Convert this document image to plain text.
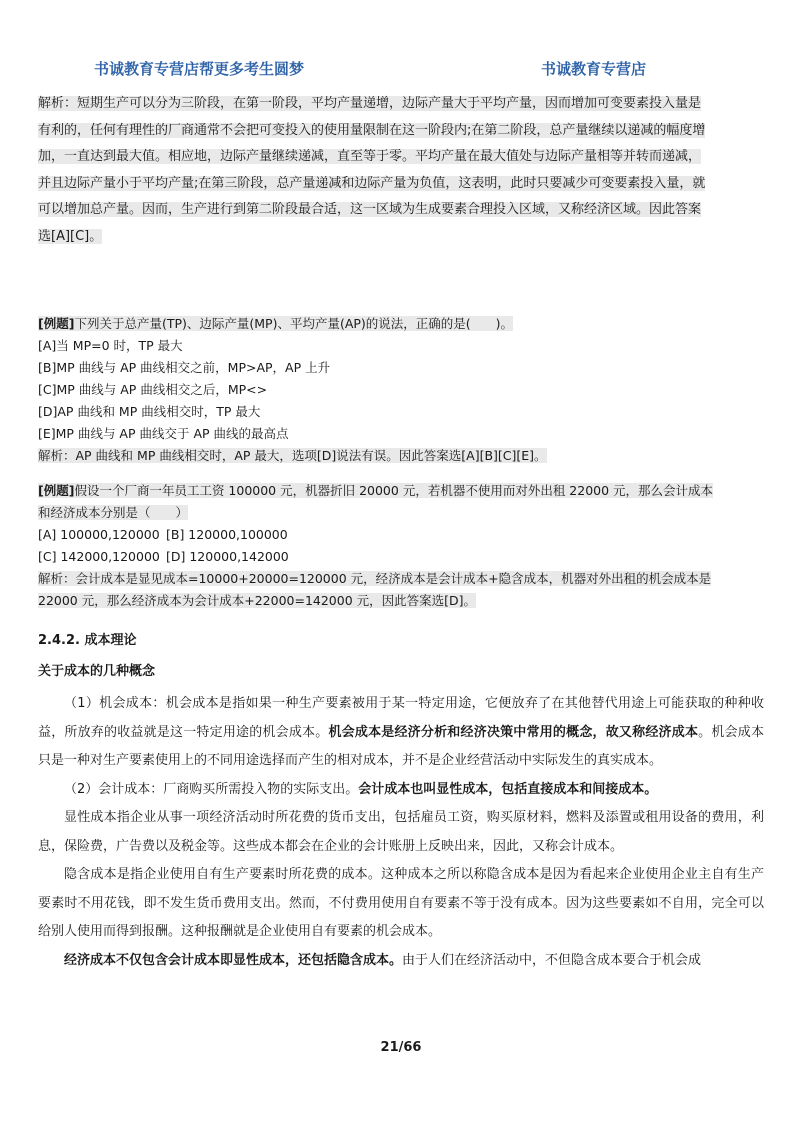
书诚教育专营店帮更多考生圆梦	书诚教育专营店

解析：短期生产可以分为三阶段，在第一阶段，平均产量递增，边际产量大于平均产量，因而增加可变要素投入量是
有利的，任何有理性的厂商通常不会把可变投入的使用量限制在这一阶段内;在第二阶段，总产量继续以递减的幅度增
加，一直达到最大值。相应地，边际产量继续递减，直至等于零。平均产量在最大值处与边际产量相等并转而递减，
并且边际产量小于平均产量;在第三阶段，总产量递减和边际产量为负值，这表明，此时只要减少可变要素投入量，就
可以增加总产量。因而，生产进行到第二阶段最合适，这一区域为生成要素合理投入区域，又称经济区域。因此答案
选[A][C]。

[例题]下列关于总产量(TP)、边际产量(MP)、平均产量(AP)的说法，正确的是(　　)。

[A]当 MP=0 时，TP 最大

[B]MP 曲线与 AP 曲线相交之前，MP>AP，AP 上升

[C]MP 曲线与 AP 曲线相交之后，MP<>

[D]AP 曲线和 MP 曲线相交时，TP 最大

[E]MP 曲线与 AP 曲线交于 AP 曲线的最高点

解析：AP 曲线和 MP 曲线相交时，AP 最大，选项[D]说法有误。因此答案选[A][B][C][E]。

[例题]假设一个厂商一年员工工资 100000 元，机器折旧 20000 元，若机器不使用而对外出租 22000 元，那么会计成本

和经济成本分别是（　　）

[A] 100000,120000 [B] 120000,100000

[C] 142000,120000 [D] 120000,142000

解析：会计成本是显见成本=10000+20000=120000 元，经济成本是会计成本+隐含成本，机器对外出租的机会成本是

22000 元，那么经济成本为会计成本+22000=142000 元，因此答案选[D]。

2.4.2. 成本理论

关于成本的几种概念

（1）机会成本：机会成本是指如果一种生产要素被用于某一特定用途，它便放弃了在其他替代用途上可能获取的种种收益，所放弃的收益就是这一特定用途的机会成本。机会成本是经济分析和经济决策中常用的概念，故又称经济成本。机会成本只是一种对生产要素使用上的不同用途选择而产生的相对成本，并不是企业经营活动中实际发生的真实成本。

（2）会计成本：厂商购买所需投入物的实际支出。会计成本也叫显性成本，包括直接成本和间接成本。

显性成本指企业从事一项经济活动时所花费的货币支出，包括雇员工资，购买原材料，燃料及添置或租用设备的费用，利息，保险费，广告费以及税金等。这些成本都会在企业的会计账册上反映出来，因此，又称会计成本。

隐含成本是指企业使用自有生产要素时所花费的成本。这种成本之所以称隐含成本是因为看起来企业使用企业主自有生产要素时不用花钱，即不发生货币费用支出。然而，不付费用使用自有要素不等于没有成本。因为这些要素如不自用，完全可以给别人使用而得到报酬。这种报酬就是企业使用自有要素的机会成本。

经济成本不仅包含会计成本即显性成本，还包括隐含成本。由于人们在经济活动中，不但隐含成本要合于机会成

21/66
